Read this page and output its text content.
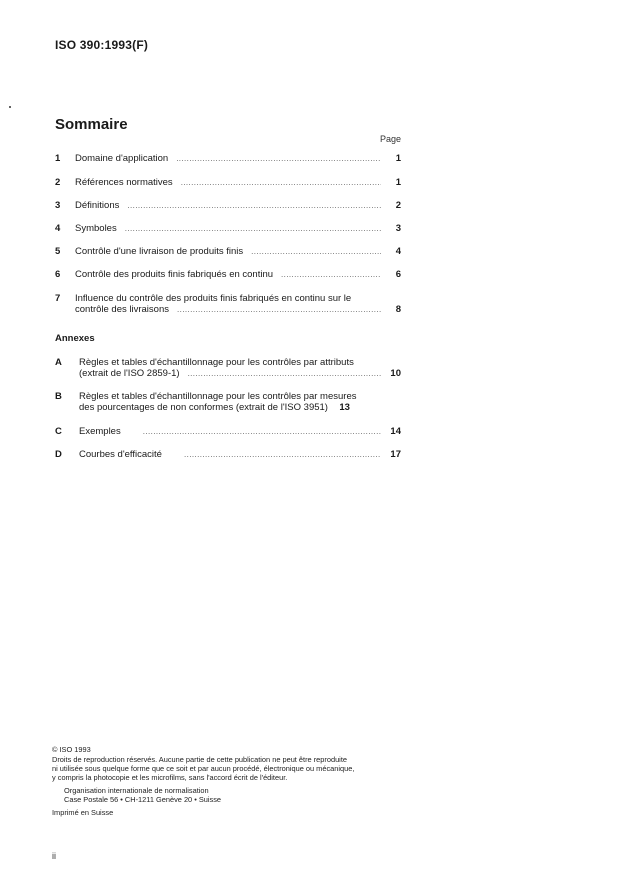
ISO 390:1993(F)
Sommaire
Page
1	Domaine d'application .....	1
2	Références normatives .....	1
3	Définitions .....	2
4	Symboles .....	3
5	Contrôle d'une livraison de produits finis .....	4
6	Contrôle des produits finis fabriqués en continu .....	6
7	Influence du contrôle des produits finis fabriqués en continu sur le
contrôle des livraisons .....	8
Annexes
A	Règles et tables d'échantillonnage pour les contrôles par attributs
(extrait de l'ISO 2859-1) .....	10
B	Règles et tables d'échantillonnage pour les contrôles par mesures
des pourcentages de non conformes (extrait de l'ISO 3951) 13
C	Exemples .....	14
D	Courbes d'efficacité .....	17
© ISO 1993
Droits de reproduction réservés. Aucune partie de cette publication ne peut être reproduite
ni utilisée sous quelque forme que ce soit et par aucun procédé, électronique ou mécanique,
y compris la photocopie et les microfilms, sans l'accord écrit de l'éditeur.
Organisation internationale de normalisation
Case Postale 56 • CH-1211 Genève 20 • Suisse
Imprimé en Suisse
ii
